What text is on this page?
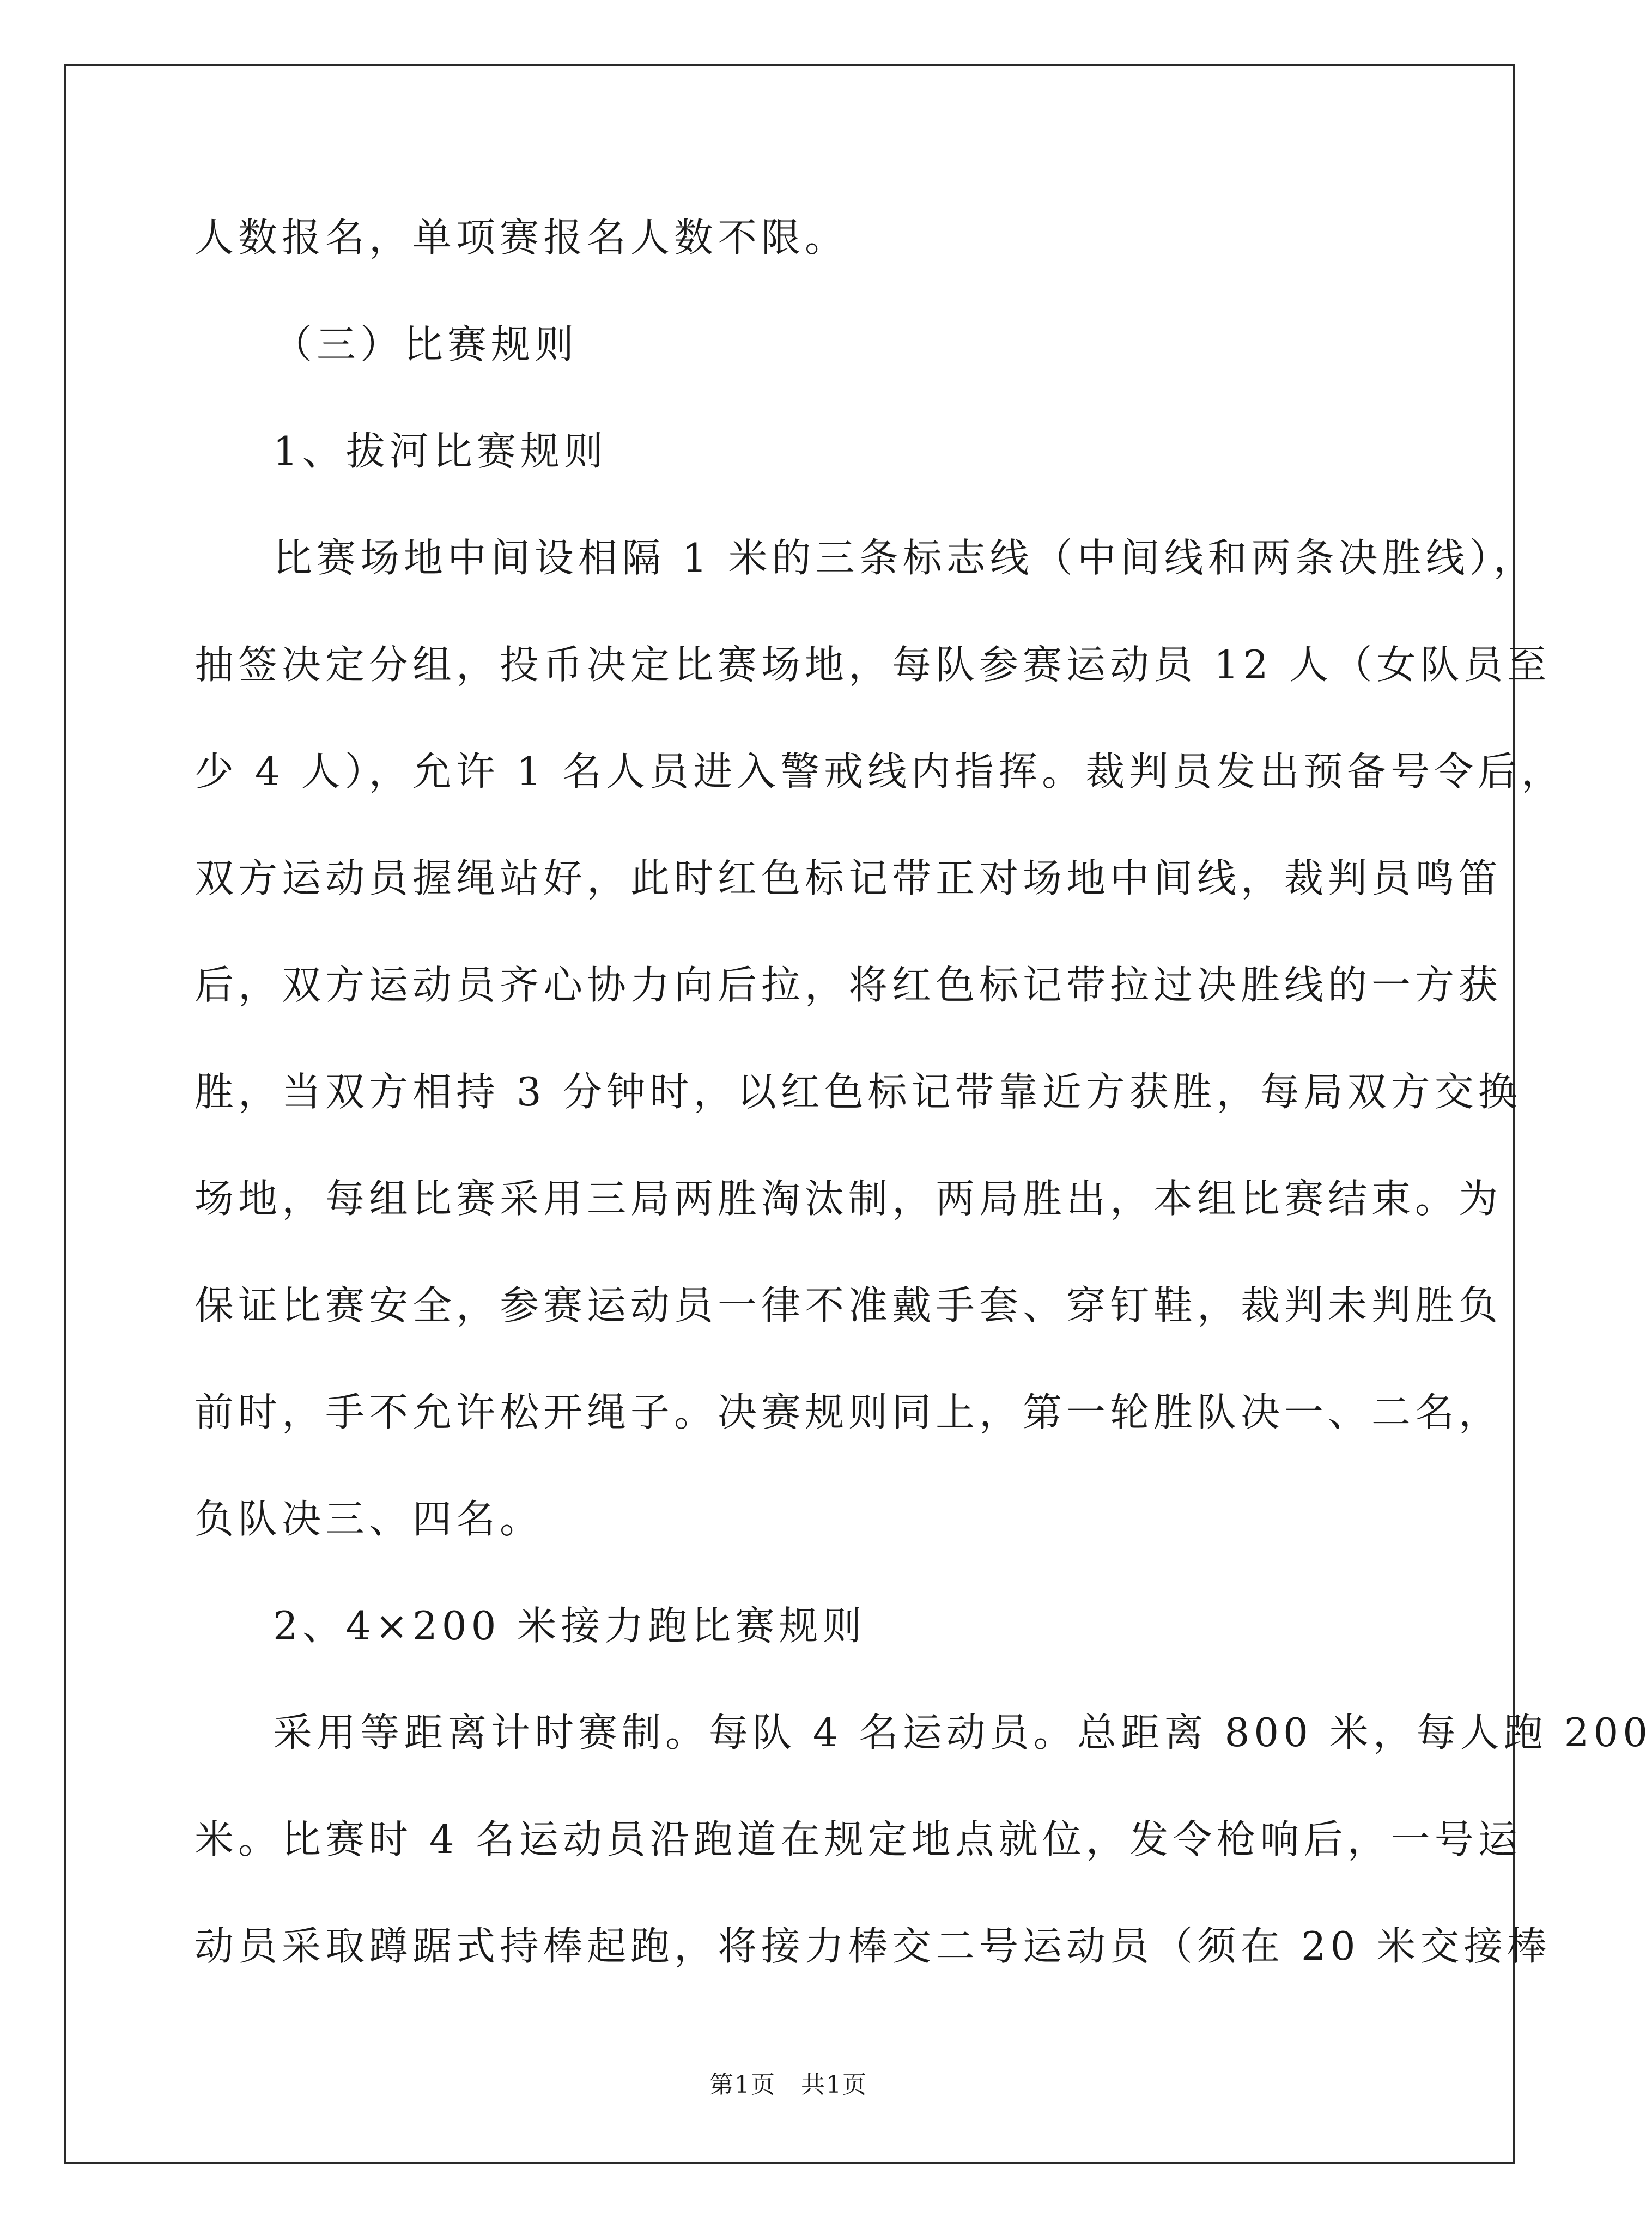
人数报名，单项赛报名人数不限。
（三）比赛规则
1、拔河比赛规则
比赛场地中间设相隔 1 米的三条标志线（中间线和两条决胜线），
抽签决定分组，投币决定比赛场地，每队参赛运动员 12 人（女队员至
少 4 人），允许 1 名人员进入警戒线内指挥。裁判员发出预备号令后，
双方运动员握绳站好，此时红色标记带正对场地中间线，裁判员鸣笛
后，双方运动员齐心协力向后拉，将红色标记带拉过决胜线的一方获
胜，当双方相持 3 分钟时，以红色标记带靠近方获胜，每局双方交换
场地，每组比赛采用三局两胜淘汰制，两局胜出，本组比赛结束。为
保证比赛安全，参赛运动员一律不准戴手套、穿钉鞋，裁判未判胜负
前时，手不允许松开绳子。决赛规则同上，第一轮胜队决一、二名，
负队决三、四名。
2、4×200 米接力跑比赛规则
采用等距离计时赛制。每队 4 名运动员。总距离 800 米，每人跑 200
米。比赛时 4 名运动员沿跑道在规定地点就位，发令枪响后，一号运
动员采取蹲踞式持棒起跑，将接力棒交二号运动员（须在 20 米交接棒
第1页　共1页
